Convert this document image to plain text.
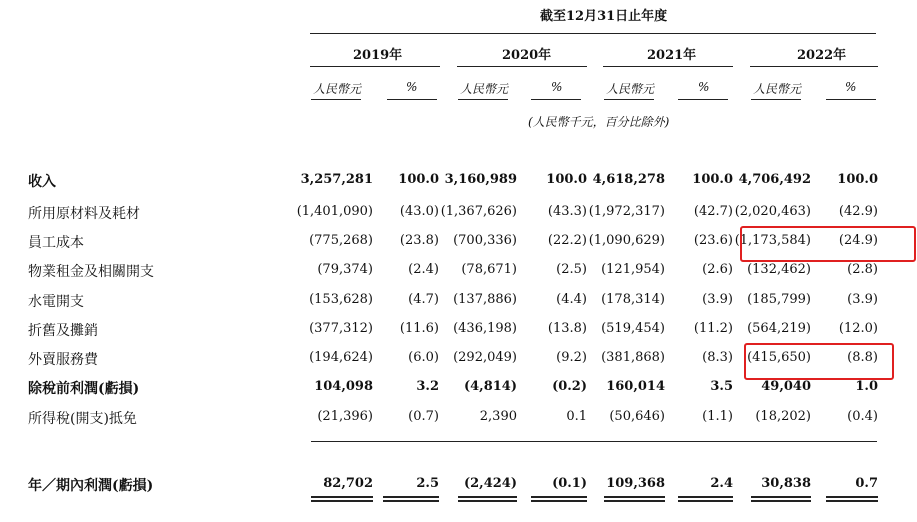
截至12月31日止年度
2019年	2020年	2021年	2022年
人民幣元	%	人民幣元	%	人民幣元	%	人民幣元	%
(人民幣千元，百分比除外)
收入	3,257,281 100.0 3,160,989 100.0 4,618,278 100.0 4,706,492 100.0
所用原材料及耗材	(1,401,090) (43.0) (1,367,626) (43.3) (1,972,317) (42.7) (2,020,463) (42.9)
員工成本	(775,268) (23.8) (700,336) (22.2) (1,090,629) (23.6) (1,173,584) (24.9)
物業租金及相關開支	(79,374)	(2.4) (78,671)	(2.5) (121,954)	(2.6) (132,462)	(2.8)
水電開支	(153,628)	(4.7) (137,886)	(4.4) (178,314)	(3.9) (185,799)	(3.9)
折舊及攤銷	(377,312) (11.6) (436,198) (13.8) (519,454) (11.2) (564,219) (12.0)
外賣服務費	(194,624)	(6.0) (292,049)	(9.2) (381,868)	(8.3) (415,650)	(8.8)
除稅前利潤(虧損)	104,098	3.2 (4,814)	(0.2) 160,014	3.5 49,040	1.0
所得稅(開支)抵免	(21,396)	(0.7)	2,390	0.1 (50,646)	(1.1) (18,202)	(0.4)
年／期內利潤(虧損)	82,702	2.5 (2,424)	(0.1) 109,368	2.4 30,838	0.7
